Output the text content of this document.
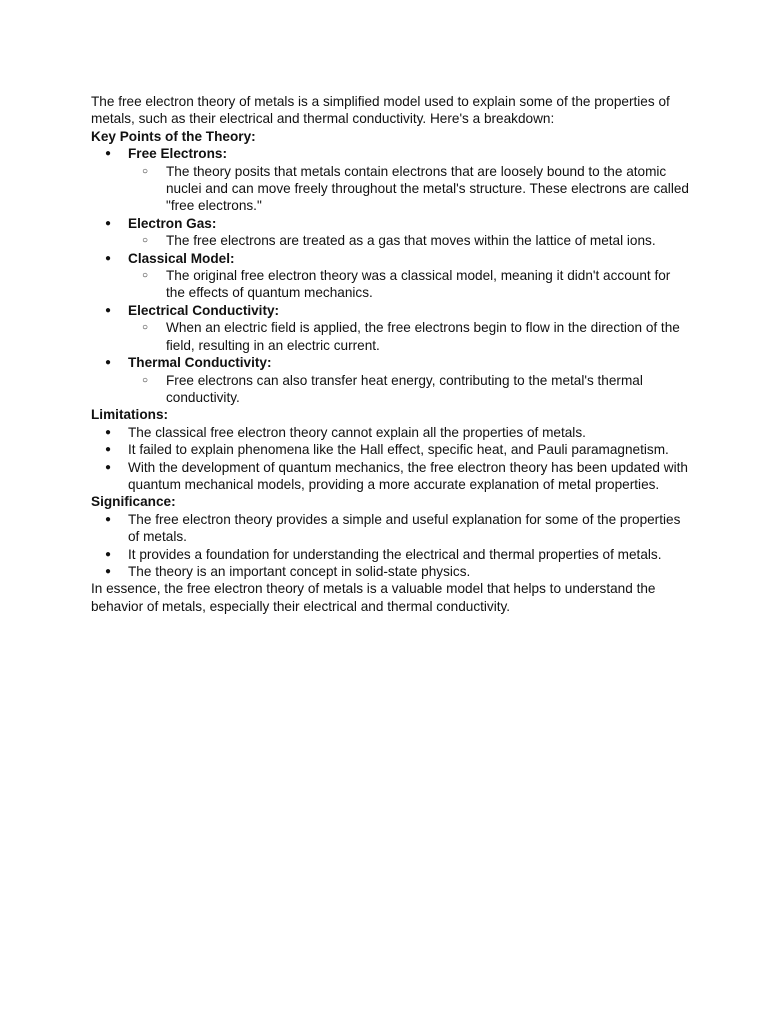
The free electron theory of metals is a simplified model used to explain some of the properties of metals, such as their electrical and thermal conductivity. Here's a breakdown:

Key Points of the Theory:

● Free Electrons:
○ The theory posits that metals contain electrons that are loosely bound to the atomic nuclei and can move freely throughout the metal's structure. These electrons are called "free electrons."
● Electron Gas:
○ The free electrons are treated as a gas that moves within the lattice of metal ions.
● Classical Model:
○ The original free electron theory was a classical model, meaning it didn't account for the effects of quantum mechanics.
● Electrical Conductivity:
○ When an electric field is applied, the free electrons begin to flow in the direction of the field, resulting in an electric current.
● Thermal Conductivity:
○ Free electrons can also transfer heat energy, contributing to the metal's thermal conductivity.

Limitations:

● The classical free electron theory cannot explain all the properties of metals.
● It failed to explain phenomena like the Hall effect, specific heat, and Pauli paramagnetism.
● With the development of quantum mechanics, the free electron theory has been updated with quantum mechanical models, providing a more accurate explanation of metal properties.

Significance:

● The free electron theory provides a simple and useful explanation for some of the properties of metals.
● It provides a foundation for understanding the electrical and thermal properties of metals.
● The theory is an important concept in solid-state physics.

In essence, the free electron theory of metals is a valuable model that helps to understand the behavior of metals, especially their electrical and thermal conductivity.
